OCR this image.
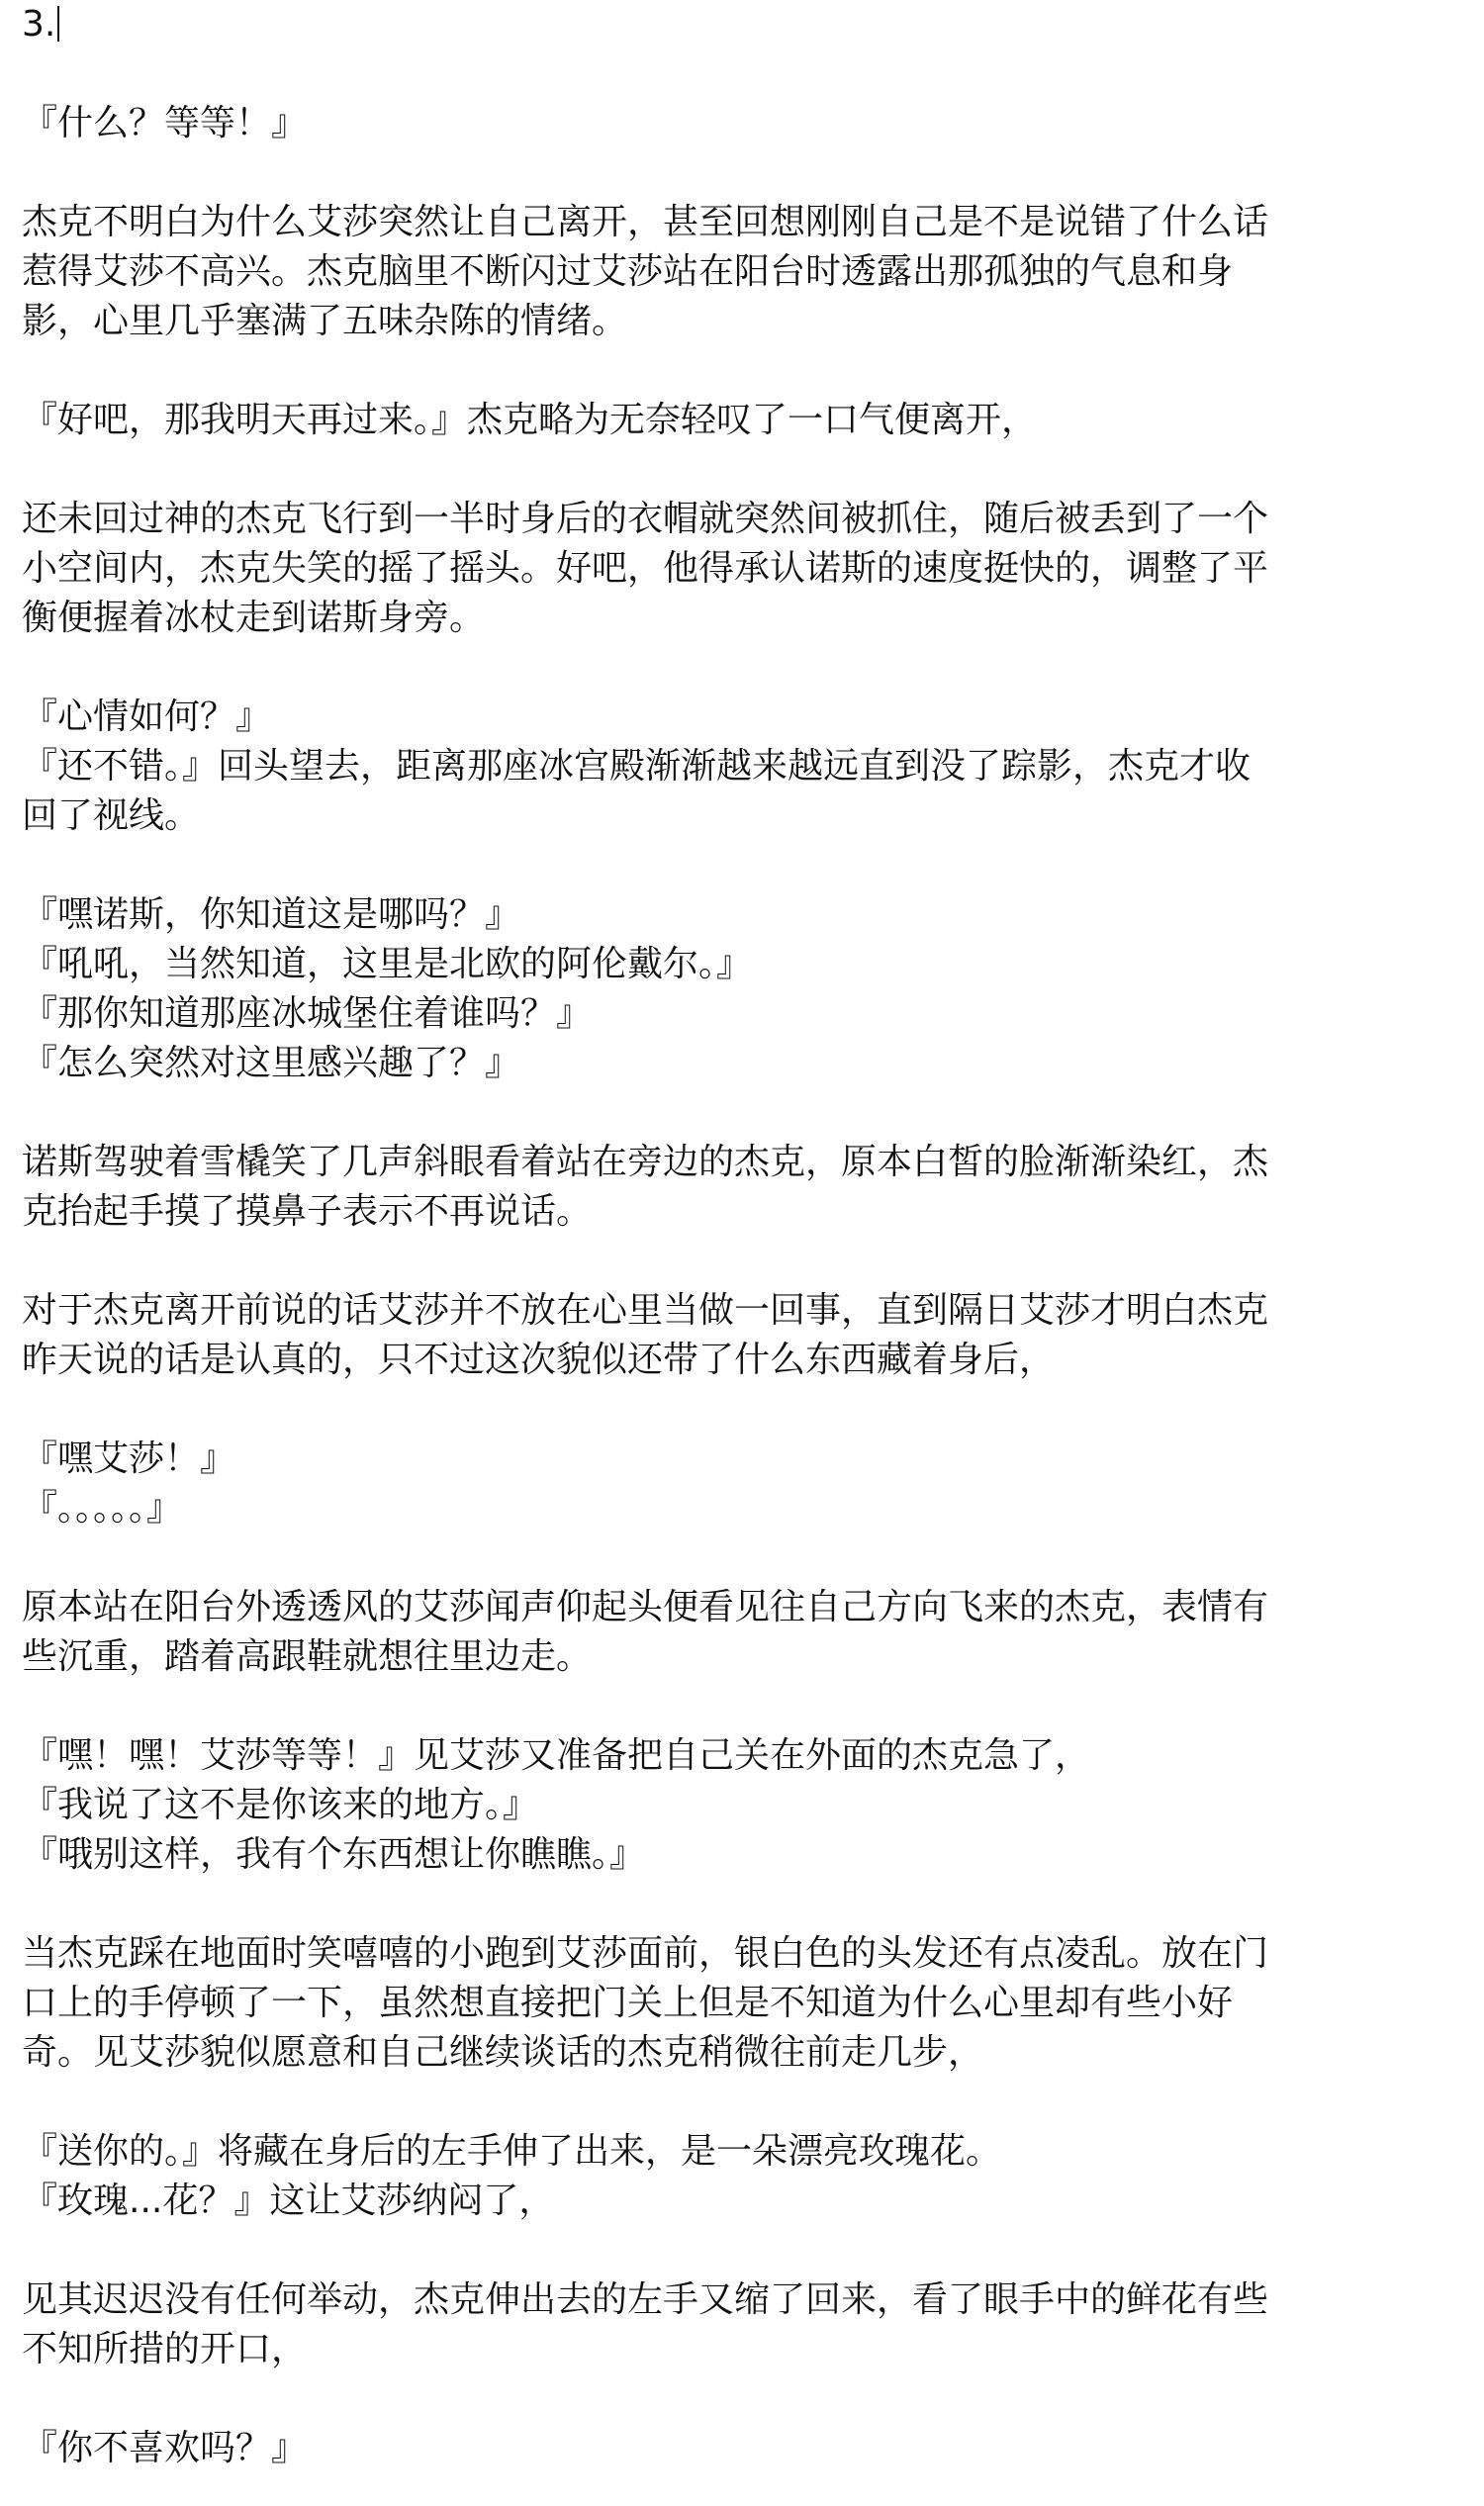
3.
『什么？等等！』
杰克不明白为什么艾莎突然让自己离开，甚至回想刚刚自己是不是说错了什么话
惹得艾莎不高兴。杰克脑里不断闪过艾莎站在阳台时透露出那孤独的气息和身
影，心里几乎塞满了五味杂陈的情绪。
『好吧，那我明天再过来。』杰克略为无奈轻叹了一口气便离开，
还未回过神的杰克飞行到一半时身后的衣帽就突然间被抓住，随后被丢到了一个
小空间内，杰克失笑的摇了摇头。好吧，他得承认诺斯的速度挺快的，调整了平
衡便握着冰杖走到诺斯身旁。
『心情如何？』
『还不错。』回头望去，距离那座冰宫殿渐渐越来越远直到没了踪影，杰克才收
回了视线。
『嘿诺斯，你知道这是哪吗？』
『吼吼，当然知道，这里是北欧的阿伦戴尔。』
『那你知道那座冰城堡住着谁吗？』
『怎么突然对这里感兴趣了？』
诺斯驾驶着雪橇笑了几声斜眼看着站在旁边的杰克，原本白皙的脸渐渐染红，杰
克抬起手摸了摸鼻子表示不再说话。
对于杰克离开前说的话艾莎并不放在心里当做一回事，直到隔日艾莎才明白杰克
昨天说的话是认真的，只不过这次貌似还带了什么东西藏着身后，
『嘿艾莎！』
『。。。。。』
原本站在阳台外透透风的艾莎闻声仰起头便看见往自己方向飞来的杰克，表情有
些沉重，踏着高跟鞋就想往里边走。
『嘿！嘿！艾莎等等！』见艾莎又准备把自己关在外面的杰克急了，
『我说了这不是你该来的地方。』
『哦别这样，我有个东西想让你瞧瞧。』
当杰克踩在地面时笑嘻嘻的小跑到艾莎面前，银白色的头发还有点凌乱。放在门
口上的手停顿了一下，虽然想直接把门关上但是不知道为什么心里却有些小好
奇。见艾莎貌似愿意和自己继续谈话的杰克稍微往前走几步，
『送你的。』将藏在身后的左手伸了出来，是一朵漂亮玫瑰花。
『玫瑰...花？』这让艾莎纳闷了，
见其迟迟没有任何举动，杰克伸出去的左手又缩了回来，看了眼手中的鲜花有些
不知所措的开口，
『你不喜欢吗？』
